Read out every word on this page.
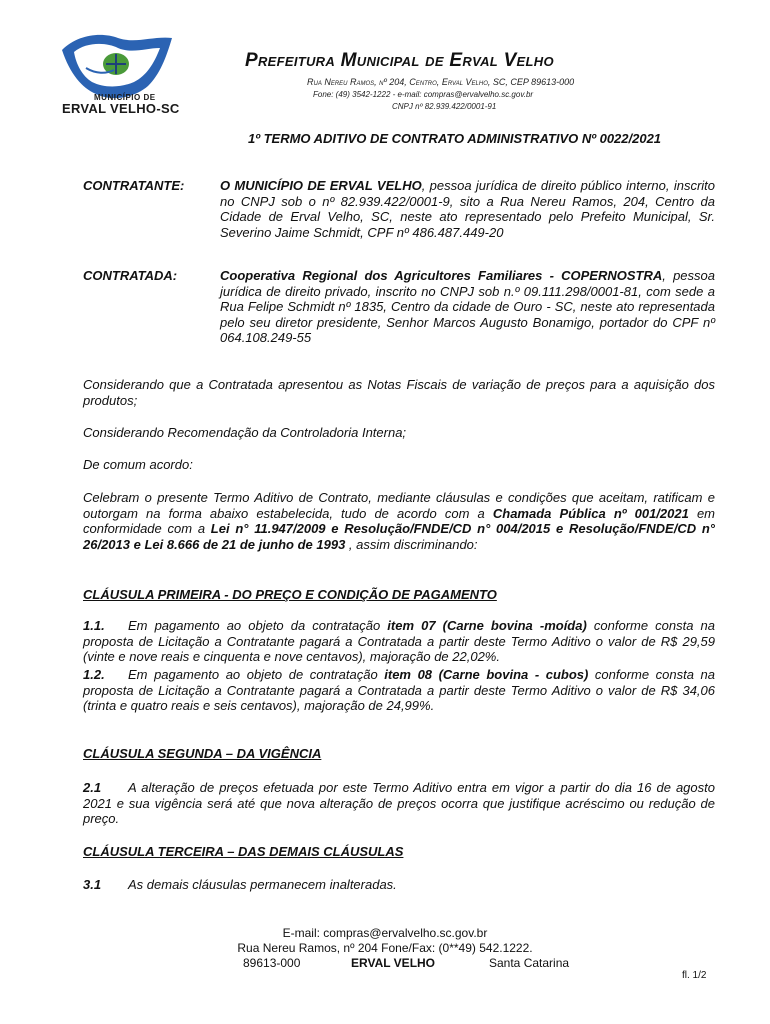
MUNICÍPIO DE
ERVAL VELHO-SC
Prefeitura Municipal de Erval Velho
Rua Nereu Ramos, nº 204, Centro, Erval Velho, SC, CEP 89613-000
Fone: (49) 3542-1222 - e-mail: compras@ervalvelho.sc.gov.br
CNPJ nº 82.939.422/0001-91
1º TERMO ADITIVO DE CONTRATO ADMINISTRATIVO Nº 0022/2021
CONTRATANTE:	O MUNICÍPIO DE ERVAL VELHO, pessoa jurídica de direito público interno, inscrito no CNPJ sob o nº 82.939.422/0001-9, sito a Rua Nereu Ramos, 204, Centro da Cidade de Erval Velho, SC, neste ato representado pelo Prefeito Municipal, Sr. Severino Jaime Schmidt, CPF nº 486.487.449-20
CONTRATADA:	Cooperativa Regional dos Agricultores Familiares - COPERNOSTRA, pessoa jurídica de direito privado, inscrito no CNPJ sob n.º 09.111.298/0001-81, com sede a Rua Felipe Schmidt nº 1835, Centro da cidade de Ouro - SC, neste ato representada pelo seu diretor presidente, Senhor Marcos Augusto Bonamigo, portador do CPF nº 064.108.249-55
Considerando que a Contratada apresentou as Notas Fiscais de variação de preços para a aquisição dos produtos;
Considerando Recomendação da Controladoria Interna;
De comum acordo:
Celebram o presente Termo Aditivo de Contrato, mediante cláusulas e condições que aceitam, ratificam e outorgam na forma abaixo estabelecida, tudo de acordo com a Chamada Pública nº 001/2021 em conformidade com a Lei n° 11.947/2009 e Resolução/FNDE/CD n° 004/2015 e Resolução/FNDE/CD n° 26/2013 e Lei 8.666 de 21 de junho de 1993 , assim discriminando:
CLÁUSULA PRIMEIRA - DO PREÇO E CONDIÇÃO DE PAGAMENTO
1.1. Em pagamento ao objeto da contratação item 07 (Carne bovina -moída) conforme consta na proposta de Licitação a Contratante pagará a Contratada a partir deste Termo Aditivo o valor de R$ 29,59 (vinte e nove reais e cinquenta e nove centavos), majoração de 22,02%.
1.2. Em pagamento ao objeto de contratação item 08 (Carne bovina - cubos) conforme consta na proposta de Licitação a Contratante pagará a Contratada a partir deste Termo Aditivo o valor de R$ 34,06 (trinta e quatro reais e seis centavos), majoração de 24,99%.
CLÁUSULA SEGUNDA – DA VIGÊNCIA
2.1 A alteração de preços efetuada por este Termo Aditivo entra em vigor a partir do dia 16 de agosto 2021 e sua vigência será até que nova alteração de preços ocorra que justifique acréscimo ou redução de preço.
CLÁUSULA TERCEIRA – DAS DEMAIS CLÁUSULAS
3.1 As demais cláusulas permanecem inalteradas.
E-mail: compras@ervalvelho.sc.gov.br
Rua Nereu Ramos, nº 204 Fone/Fax: (0**49) 542.1222.
89613-000	ERVAL VELHO	Santa Catarina
fl. 1/2
